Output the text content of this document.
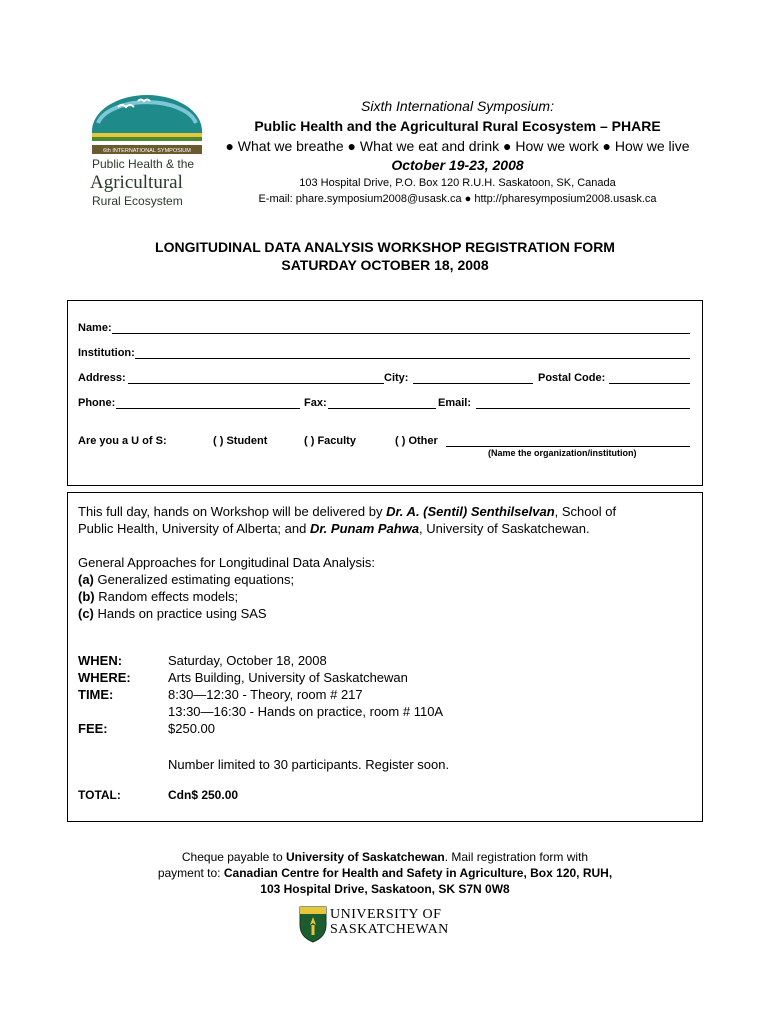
6th INTERNATIONAL SYMPOSIUM
Public Health & the
Agricultural
Rural Ecosystem
Sixth International Symposium:
Public Health and the Agricultural Rural Ecosystem – PHARE
● What we breathe ● What we eat and drink ● How we work ● How we live
October 19-23, 2008
103 Hospital Drive, P.O. Box 120 R.U.H. Saskatoon, SK, Canada
E-mail: phare.symposium2008@usask.ca ● http://pharesymposium2008.usask.ca
LONGITUDINAL DATA ANALYSIS WORKSHOP REGISTRATION FORM
SATURDAY OCTOBER 18, 2008
Name:
Institution:
Address:	City:	Postal Code:
Phone:	Fax:	Email:
Are you a U of S:	( ) Student	( ) Faculty	( ) Other
(Name the organization/institution)
This full day, hands on Workshop will be delivered by Dr. A. (Sentil) Senthilselvan, School of
Public Health, University of Alberta; and Dr. Punam Pahwa, University of Saskatchewan.
General Approaches for Longitudinal Data Analysis:
(a) Generalized estimating equations;
(b) Random effects models;
(c) Hands on practice using SAS
WHEN:	Saturday, October 18, 2008
WHERE:	Arts Building, University of Saskatchewan
TIME:	8:30—12:30 - Theory, room # 217
13:30—16:30 - Hands on practice, room # 110A
FEE:	$250.00
Number limited to 30 participants. Register soon.
TOTAL:	Cdn$ 250.00
Cheque payable to University of Saskatchewan. Mail registration form with
payment to: Canadian Centre for Health and Safety in Agriculture, Box 120, RUH,
103 Hospital Drive, Saskatoon, SK S7N 0W8
UNIVERSITY OF
SASKATCHEWAN
